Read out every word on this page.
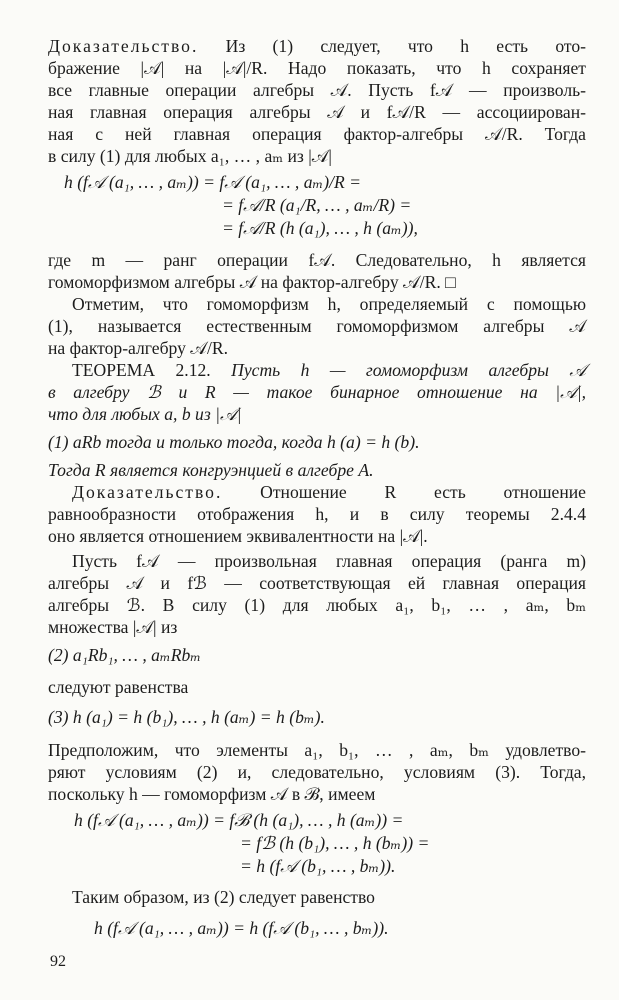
Доказательство. Из (1) следует, что h есть ото-
бражение |𝒜| на |𝒜|/R. Надо показать, что h сохраняет
все главные операции алгебры 𝒜. Пусть f𝒜 — произволь-
ная главная операция алгебры 𝒜 и f𝒜/R — ассоциирован-
ная с ней главная операция фактор-алгебры 𝒜/R. Тогда
в силу (1) для любых a₁, … , aₘ из |𝒜|
h (f𝒜 (a₁, … , aₘ)) = f𝒜 (a₁, … , aₘ)/R =
= f𝒜/R (a₁/R, … , aₘ/R) =
= f𝒜/R (h (a₁), … , h (aₘ)),
где m — ранг операции f𝒜. Следовательно, h является
гомоморфизмом алгебры 𝒜 на фактор-алгебру 𝒜/R. □
Отметим, что гомоморфизм h, определяемый с помощью
(1), называется естественным гомоморфизмом алгебры 𝒜
на фактор-алгебру 𝒜/R.
ТЕОРЕМА 2.12. Пусть h — гомоморфизм алгебры 𝒜
в алгебру ℬ и R — такое бинарное отношение на |𝒜|,
что для любых a, b из |𝒜|
(1) aRb тогда и только тогда, когда h (a) = h (b).
Тогда R является конгруэнцией в алгебре A.
Доказательство. Отношение R есть отношение
равнообразности отображения h, и в силу теоремы 2.4.4
оно является отношением эквивалентности на |𝒜|.
Пусть f𝒜 — произвольная главная операция (ранга m)
алгебры 𝒜 и fℬ — соответствующая ей главная операция
алгебры ℬ. В силу (1) для любых a₁, b₁, … , aₘ, bₘ
множества |𝒜| из
(2) a₁Rb₁, … , aₘRbₘ
следуют равенства
(3) h (a₁) = h (b₁), … , h (aₘ) = h (bₘ).
Предположим, что элементы a₁, b₁, … , aₘ, bₘ удовлетво-
ряют условиям (2) и, следовательно, условиям (3). Тогда,
поскольку h — гомоморфизм 𝒜 в ℬ, имеем
h (f𝒜 (a₁, … , aₘ)) = fℬ (h (a₁), … , h (aₘ)) =
= fℬ (h (b₁), … , h (bₘ)) =
= h (f𝒜 (b₁, … , bₘ)).
Таким образом, из (2) следует равенство
h (f𝒜 (a₁, … , aₘ)) = h (f𝒜 (b₁, … , bₘ)).
92
